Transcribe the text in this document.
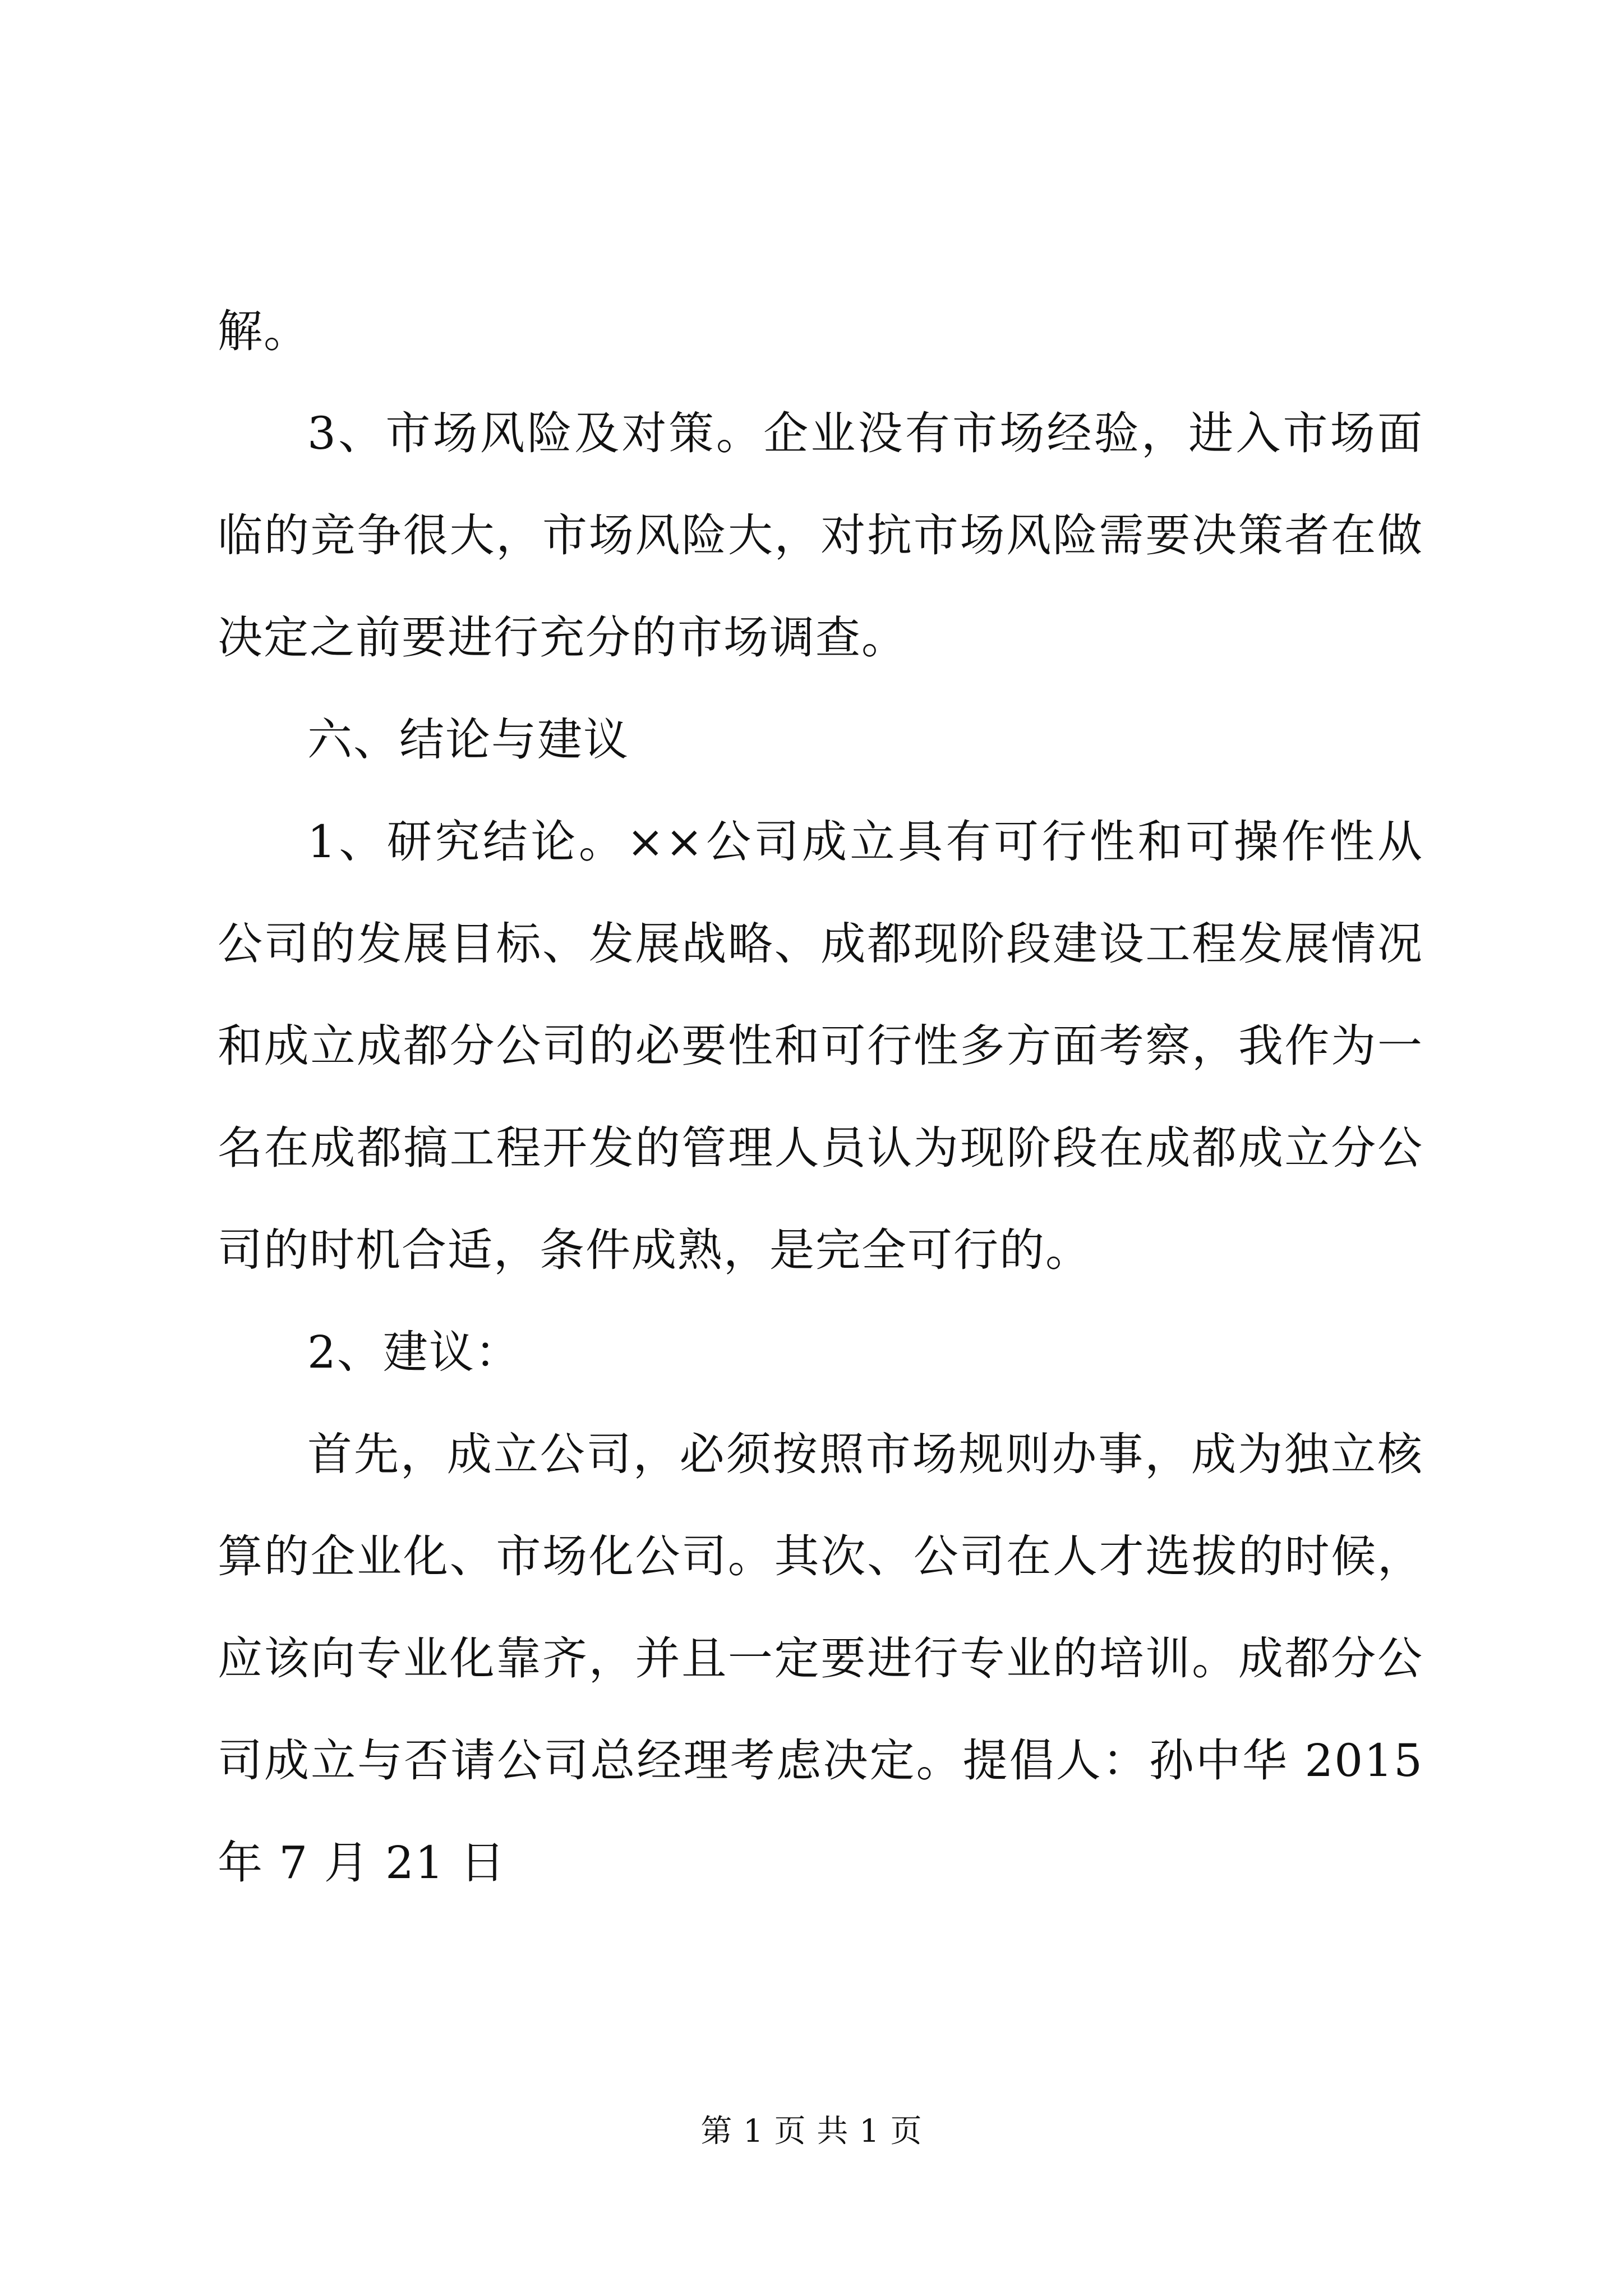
解。

3、市场风险及对策。企业没有市场经验，进入市场面临的竞争很大，市场风险大，对抗市场风险需要决策者在做决定之前要进行充分的市场调查。

六、结论与建议

1、研究结论。××公司成立具有可行性和可操作性从公司的发展目标、发展战略、成都现阶段建设工程发展情况和成立成都分公司的必要性和可行性多方面考察，我作为一名在成都搞工程开发的管理人员认为现阶段在成都成立分公司的时机合适，条件成熟，是完全可行的。

2、建议：

首先，成立公司，必须按照市场规则办事，成为独立核算的企业化、市场化公司。其次、公司在人才选拔的时候，应该向专业化靠齐，并且一定要进行专业的培训。成都分公司成立与否请公司总经理考虑决定。提倡人：孙中华 2015 年 7 月 21 日

第 1 页 共 1 页
